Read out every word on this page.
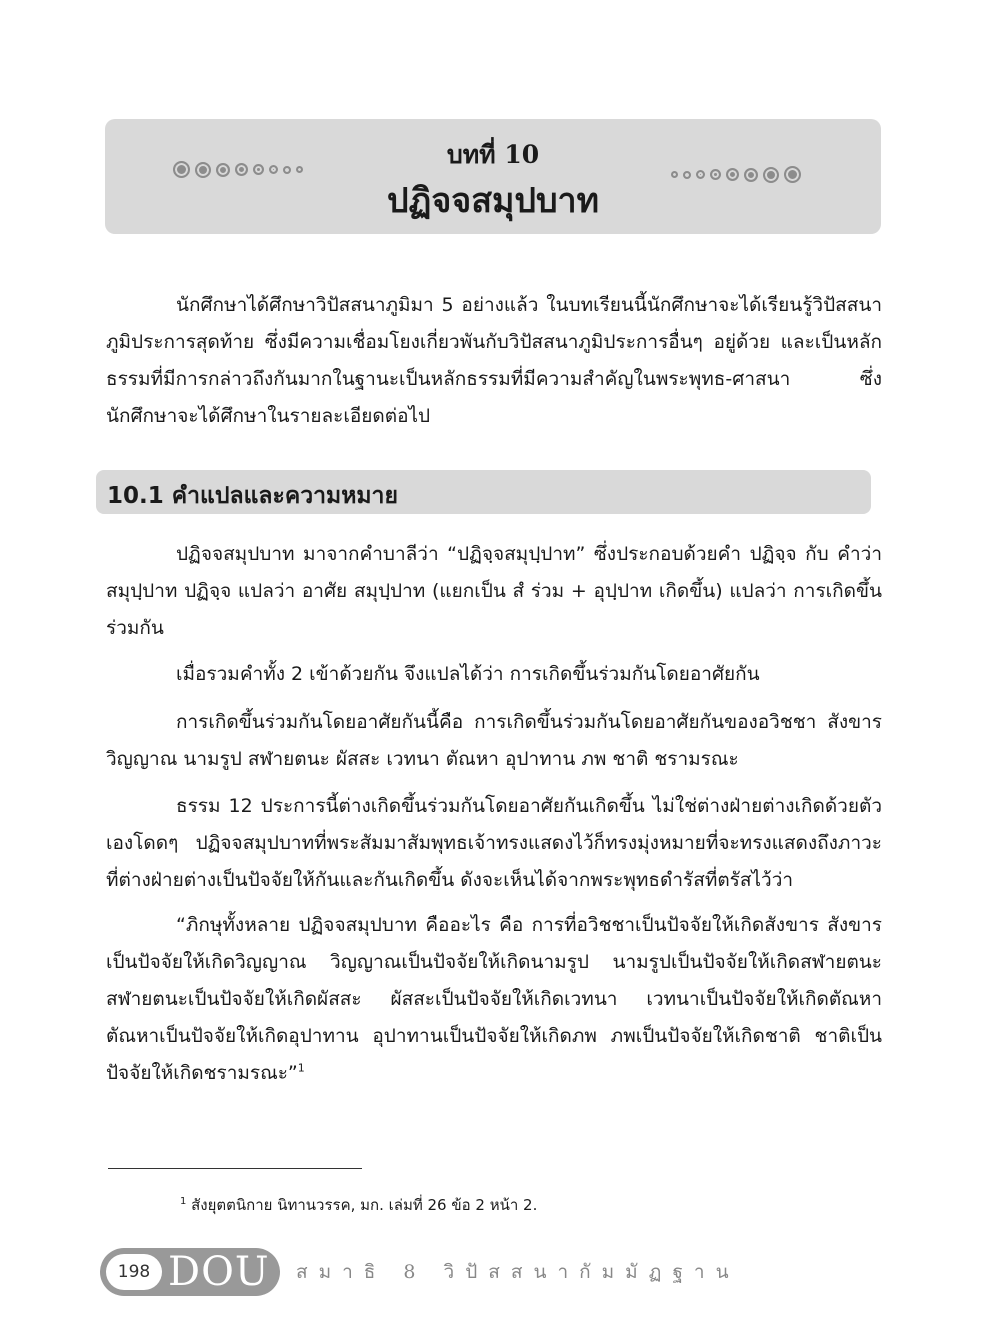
บทที่ 10
ปฏิจจสมุปบาท

นักศึกษาได้ศึกษาวิปัสสนาภูมิมา 5 อย่างแล้ว ในบทเรียนนี้นักศึกษาจะได้เรียนรู้วิปัสสนาภูมิประการสุดท้าย ซึ่งมีความเชื่อมโยงเกี่ยวพันกับวิปัสสนาภูมิประการอื่นๆ อยู่ด้วย และเป็นหลักธรรมที่มีการกล่าวถึงกันมากในฐานะเป็นหลักธรรมที่มีความสำคัญในพระพุทธ-ศาสนา ซึ่งนักศึกษาจะได้ศึกษาในรายละเอียดต่อไป

10.1 คำแปลและความหมาย

ปฏิจจสมุปบาท มาจากคำบาลีว่า “ปฏิจฺจสมุปฺปาท” ซึ่งประกอบด้วยคำ ปฏิจฺจ กับ คำว่า สมุปฺปาท ปฏิจฺจ แปลว่า อาศัย สมุปฺปาท (แยกเป็น สํ ร่วม + อุปฺปาท เกิดขึ้น) แปลว่า การเกิดขึ้นร่วมกัน

เมื่อรวมคำทั้ง 2 เข้าด้วยกัน จึงแปลได้ว่า การเกิดขึ้นร่วมกันโดยอาศัยกัน

การเกิดขึ้นร่วมกันโดยอาศัยกันนี้คือ การเกิดขึ้นร่วมกันโดยอาศัยกันของอวิชชา สังขาร วิญญาณ นามรูป สฬายตนะ ผัสสะ เวทนา ตัณหา อุปาทาน ภพ ชาติ ชรามรณะ

ธรรม 12 ประการนี้ต่างเกิดขึ้นร่วมกันโดยอาศัยกันเกิดขึ้น ไม่ใช่ต่างฝ่ายต่างเกิดด้วยตัวเองโดดๆ ปฏิจจสมุปบาทที่พระสัมมาสัมพุทธเจ้าทรงแสดงไว้ก็ทรงมุ่งหมายที่จะทรงแสดงถึงภาวะที่ต่างฝ่ายต่างเป็นปัจจัยให้กันและกันเกิดขึ้น ดังจะเห็นได้จากพระพุทธดำรัสที่ตรัสไว้ว่า

“ภิกษุทั้งหลาย ปฏิจจสมุปบาท คืออะไร คือ การที่อวิชชาเป็นปัจจัยให้เกิดสังขาร สังขารเป็นปัจจัยให้เกิดวิญญาณ วิญญาณเป็นปัจจัยให้เกิดนามรูป นามรูปเป็นปัจจัยให้เกิดสฬายตนะ สฬายตนะเป็นปัจจัยให้เกิดผัสสะ ผัสสะเป็นปัจจัยให้เกิดเวทนา เวทนาเป็นปัจจัยให้เกิดตัณหา ตัณหาเป็นปัจจัยให้เกิดอุปาทาน อุปาทานเป็นปัจจัยให้เกิดภพ ภพเป็นปัจจัยให้เกิดชาติ ชาติเป็นปัจจัยให้เกิดชรามรณะ”$^1$

$^1$ สังยุตตนิกาย นิทานวรรค, มก. เล่มที่ 26 ข้อ 2 หน้า 2.
198 DOU สมาธิ 8 วิปัสสนากัมมัฏฐาน
